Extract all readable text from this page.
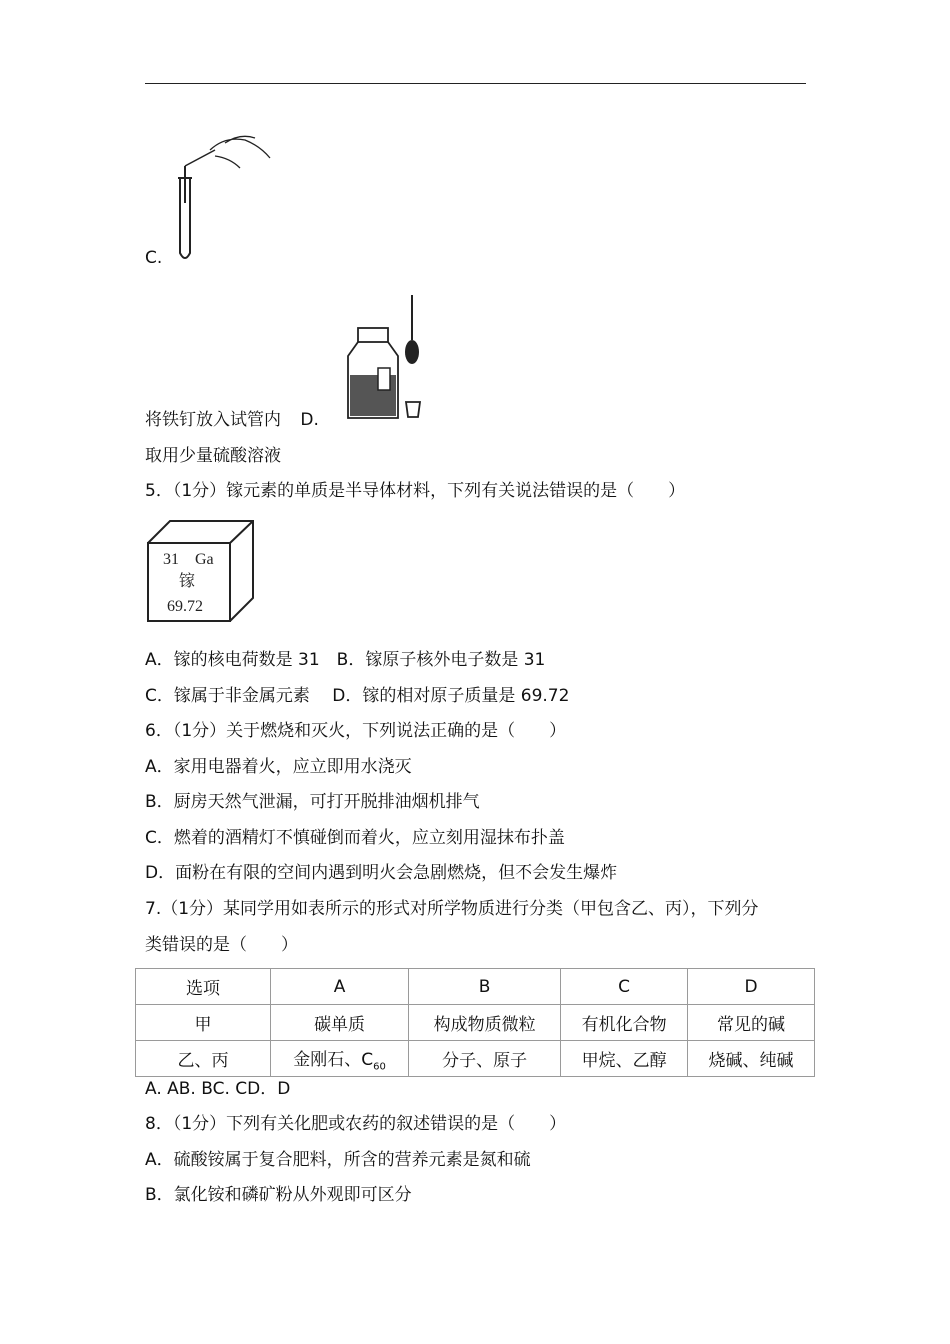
C.
将铁钉放入试管内 D.
取用少量硫酸溶液
5．（1分）镓元素的单质是半导体材料，下列有关说法错误的是（　　）
31 Ga
镓
69.72
A．镓的核电荷数是 31　B．镓原子核外电子数是 31
C．镓属于非金属元素　 D．镓的相对原子质量是 69.72
6．（1分）关于燃烧和灭火，下列说法正确的是（　　）
A．家用电器着火，应立即用水浇灭
B．厨房天然气泄漏，可打开脱排油烟机排气
C．燃着的酒精灯不慎碰倒而着火，应立刻用湿抹布扑盖
D．面粉在有限的空间内遇到明火会急剧燃烧，但不会发生爆炸
7.（1分）某同学用如表所示的形式对所学物质进行分类（甲包含乙、丙），下列分
类错误的是（　　）
选项	A	B	C	D
甲	碳单质	构成物质微粒	有机化合物	常见的碱
乙、丙	金刚石、$C_{60}$	分子、原子	甲烷、乙醇	烧碱、纯碱
A. AB. BC. CD．D
8．（1分）下列有关化肥或农药的叙述错误的是（　　）
A．硫酸铵属于复合肥料，所含的营养元素是氮和硫
B．氯化铵和磷矿粉从外观即可区分
